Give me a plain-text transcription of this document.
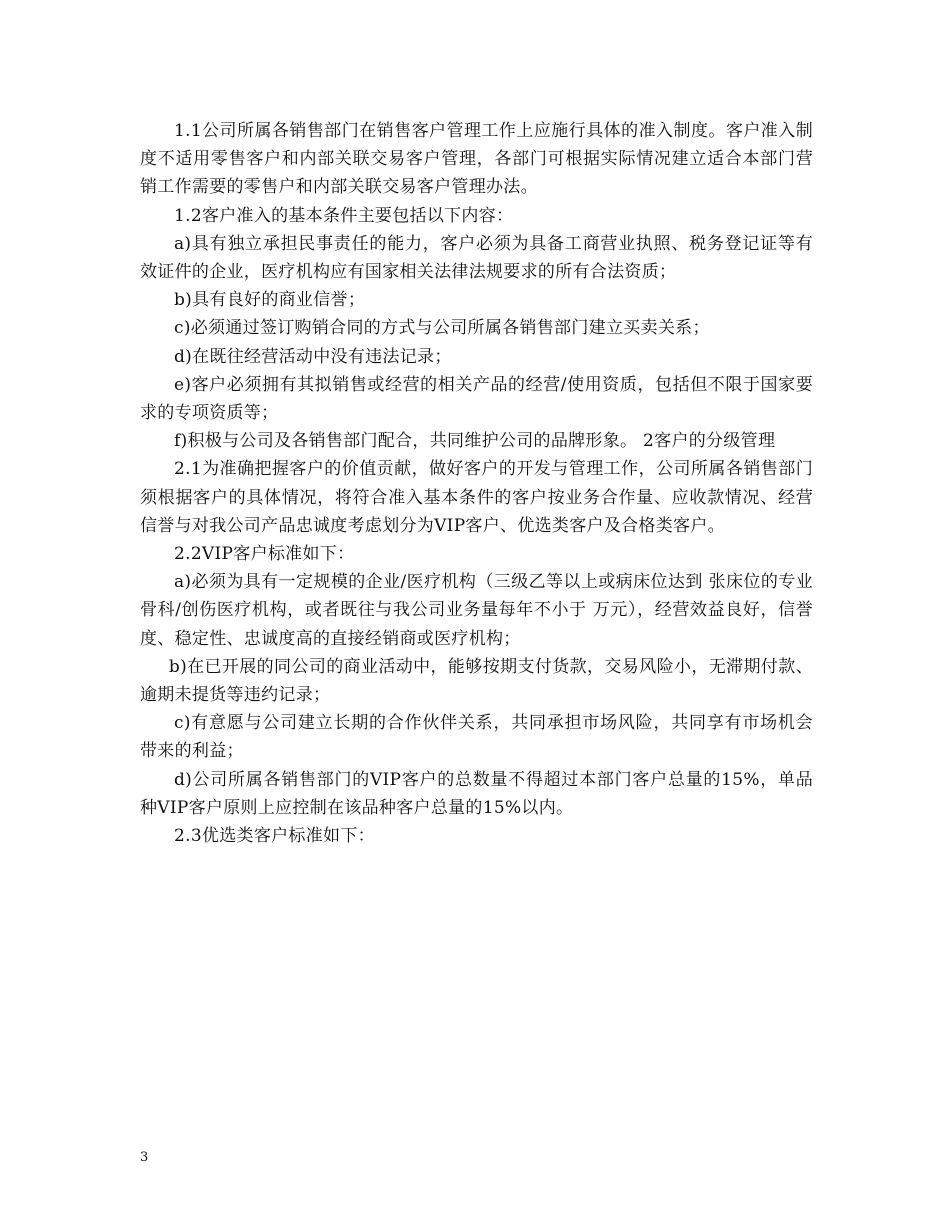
1.1公司所属各销售部门在销售客户管理工作上应施行具体的准入制度。客户准入制度不适用零售客户和内部关联交易客户管理，各部门可根据实际情况建立适合本部门营销工作需要的零售户和内部关联交易客户管理办法。

1.2客户准入的基本条件主要包括以下内容：

a)具有独立承担民事责任的能力，客户必须为具备工商营业执照、税务登记证等有效证件的企业，医疗机构应有国家相关法律法规要求的所有合法资质；

b)具有良好的商业信誉；

c)必须通过签订购销合同的方式与公司所属各销售部门建立买卖关系；

d)在既往经营活动中没有违法记录；

e)客户必须拥有其拟销售或经营的相关产品的经营/使用资质，包括但不限于国家要求的专项资质等；

f)积极与公司及各销售部门配合，共同维护公司的品牌形象。 2客户的分级管理

2.1为准确把握客户的价值贡献，做好客户的开发与管理工作，公司所属各销售部门须根据客户的具体情况，将符合准入基本条件的客户按业务合作量、应收款情况、经营信誉与对我公司产品忠诚度考虑划分为VIP客户、优选类客户及合格类客户。

2.2VIP客户标准如下：

a)必须为具有一定规模的企业/医疗机构（三级乙等以上或病床位达到 张床位的专业骨科/创伤医疗机构，或者既往与我公司业务量每年不小于 万元），经营效益良好，信誉度、稳定性、忠诚度高的直接经销商或医疗机构；

b)在已开展的同公司的商业活动中，能够按期支付货款，交易风险小，无滞期付款、逾期未提货等违约记录；

c)有意愿与公司建立长期的合作伙伴关系，共同承担市场风险，共同享有市场机会带来的利益；

d)公司所属各销售部门的VIP客户的总数量不得超过本部门客户总量的15%，单品种VIP客户原则上应控制在该品种客户总量的15%以内。

2.3优选类客户标准如下：

3
